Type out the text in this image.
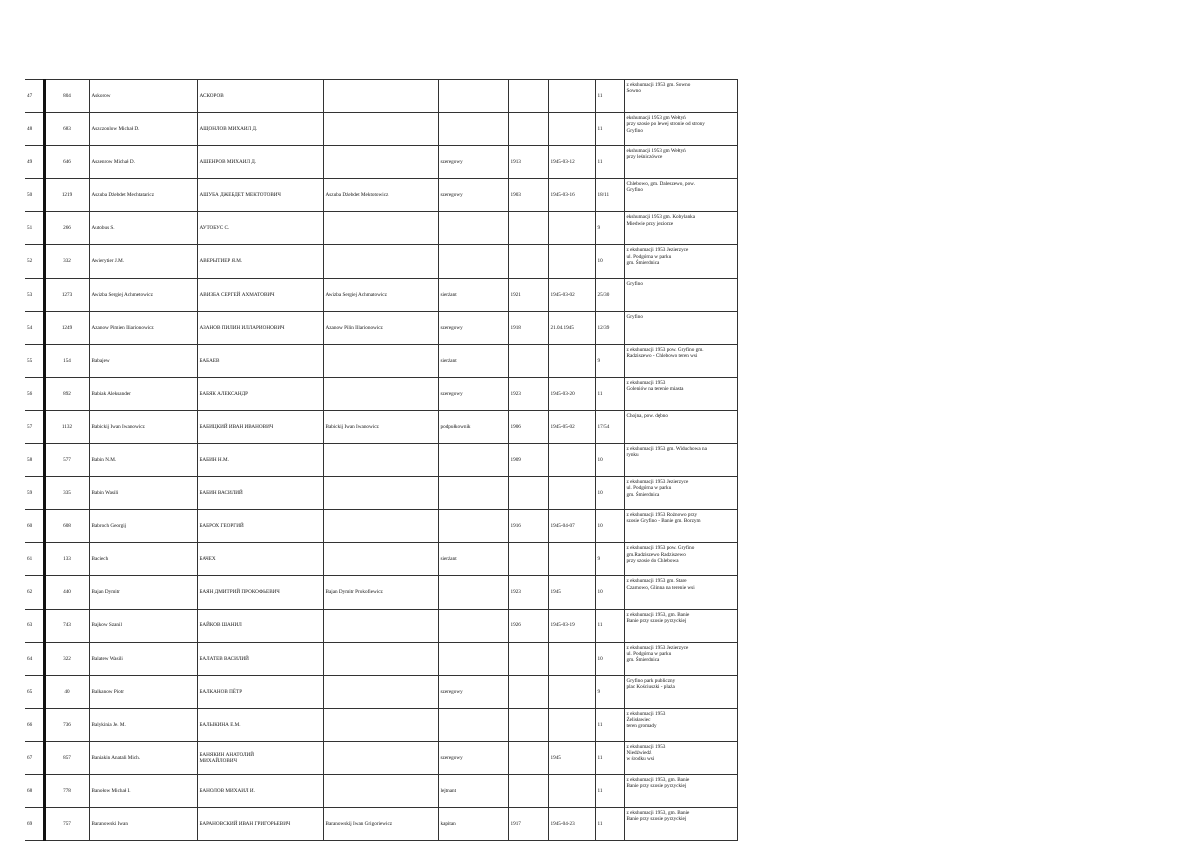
47	804	Askorow	АСКОРОВ					11	z ekshumacji 1953 gm. Sowno
Sowno

48	683	Aszczonlow Michał D.	АЩОНЛОВ МИХАИЛ Д.					11	ekshumacji 1953 gm Wełtyń
przy szosie po lewej stronie od strony
Gryfino

49	646	Aszenrow Michał D.	АШЕНРОВ МИХАИЛ Д.		szeregowy	1913	1945-03-12	11	ekshumacji 1953 gm Wełtyń
przy leśniczówce

50	1219	Aszuba Dżebdet Mechtataricz	АШУБА ДЖЕБДЕТ МЕКТОТОВИЧ	Aszuba Dżebdet Mektotowicz	szeregowy	1903	1945-03-16	18/11	Chlebowo, gm. Daleszewo, pow.
Gryfino

51	266	Autobus S.	АУТОБУС С.					9	ekshumacji 1953 gm. Kobylanka
Miedwie przy jeziorze

52	332	Awierytier J.M.	АВЕРЫТИЕР Я.М.					10	z ekshumacji 1953 Jezierzyce
ul. Podgórna w parku
gm. Śmierdnica

53	1273	Awizba Sergiej Achmetowicz	АВИЗБА СЕРГЕЙ АХМАТОВИЧ	Awizba Sergiej Achmatowicz	sierżant	1921	1945-03-02	25/30	Gryfino

54	1249	Azanow Pimien Iliarionowicz	АЗАНОВ ПИЛИН ИЛЛАРИОНОВИЧ	Azanow Pilin Illarionowicz	szeregowy	1918	21.04.1945	12/39	Gryfino

55	154	Babajew	БАБАЕВ		sierżant			9	z ekshumacji 1953 pow. Gryfino gm.
Radziszewo - Chlebowo teren wsi

56	892	Babiak Aleksander	БАБЯК АЛЕКСАНДР		szeregowy	1923	1945-03-20	11	z ekshumacji 1953
Goleniów na terenie miasta

57	1132	Babickij Iwan Iwanowicz	БАБИЦКИЙ ИВАН ИВАНОВИЧ	Babickij Iwan Iwanowicz	podpułkownik	1906	1945-05-02	17/54	Chojna, pow. dębno

58	577	Babin N.M.	БАБИН Н.М.			1909		10	z ekshumacji 1953 gm. Widuchowa na
rynku

59	335	Babin Wasili	БАБИН ВАСИЛИЙ					10	z ekshumacji 1953 Jezierzyce
ul. Podgórna w parku
gm. Śmierdnica

60	608	Babroch Georgij	БАБРОХ ГЕОРГИЙ			1916	1945-04-07	10	z ekshumacji 1953 Rożnowo przy
szosie Gryfino - Banie gm. Borzym

61	133	Baciech	БАЧЕХ		sierżant			9	z ekshumacji 1953 pow. Gryfino
gm.Radziszewo Radziszewo
przy szosie do Chlebowa

62	440	Bajan Dymitr	БАЯН ДМИТРИЙ ПРОКОФЬЕВИЧ	Bajan Dymitr Prokofiewicz		1923	1945	10	z ekshumacji 1953 gm. Stare
Czarnowo, Glinna na terenie wsi

63	743	Bajkow Szanil	БАЙКОВ ШАНИЛ			1926	1945-03-19	11	z ekshumacji 1953, gm. Banie
Banie przy szosie pyrzyckiej

64	322	Balatew Wasili	БАЛАТЕВ ВАСИЛИЙ					10	z ekshumacji 1953 Jezierzyce
ul. Podgórna w parku
gm. Śmierdnica

65	40	Balkanow Piotr	БАЛКАНОВ ПЁТР		szeregowy			9	Gryfino park publiczny
plac Kościuszki - plaża

66	736	Balykinia Je. M.	БАЛЫКИНА Е.М.					11	z ekshumacji 1953
Żelisławiec
teren gromady

67	857	Baniakin Anatali Mich.	БАНЯКИН АНАТОЛИЙ
МИХАЙЛОВИЧ		szeregowy		1945	11	z ekshumacji 1953
Niedźwiedź
w środku wsi

68	778	Banołow Michał I.	БАНОЛОВ МИХАИЛ И.		lejtnant			11	z ekshumacji 1953, gm. Banie
Banie przy szosie pyrzyckiej

69	757	Baranowski Iwan	БАРАНОВСКИЙ ИВАН ГРИГОРЬЕВИЧ	Baranowskij Iwan Grigoriewicz	kapitan	1917	1945-04-23	11	z ekshumacji 1953, gm. Banie
Banie przy szosie pyrzyckiej
